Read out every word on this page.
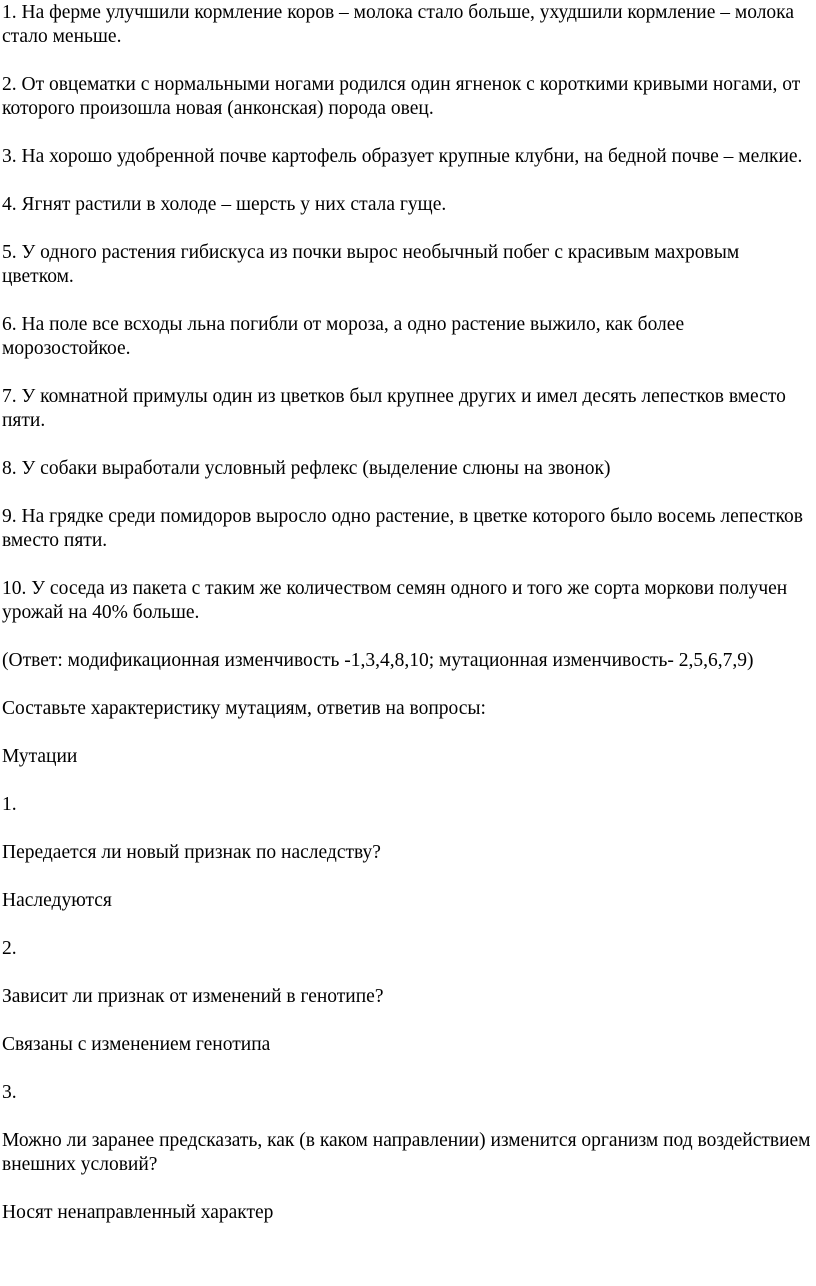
1. На ферме улучшили кормление коров – молока стало больше, ухудшили кормление – молока стало меньше.

2. От овцематки с нормальными ногами родился один ягненок с короткими кривыми ногами, от которого произошла новая (анконская) порода овец.

3. На хорошо удобренной почве картофель образует крупные клубни, на бедной почве – мелкие.

4. Ягнят растили в холоде – шерсть у них стала гуще.

5. У одного растения гибискуса из почки вырос необычный побег с красивым махровым цветком.

6. На поле все всходы льна погибли от мороза, а одно растение выжило, как более морозостойкое.

7. У комнатной примулы один из цветков был крупнее других и имел десять лепестков вместо пяти.

8. У собаки выработали условный рефлекс (выделение слюны на звонок)

9. На грядке среди помидоров выросло одно растение, в цветке которого было восемь лепестков вместо пяти.

10. У соседа из пакета с таким же количеством семян одного и того же сорта моркови получен урожай на 40% больше.

(Ответ: модификационная изменчивость -1,3,4,8,10; мутационная изменчивость- 2,5,6,7,9)

Составьте характеристику мутациям, ответив на вопросы:

Мутации

1.

Передается ли новый признак по наследству?

Наследуются

2.

Зависит ли признак от изменений в генотипе?

Связаны с изменением генотипа

3.

Можно ли заранее предсказать, как (в каком направлении) изменится организм под воздействием внешних условий?

Носят ненаправленный характер
